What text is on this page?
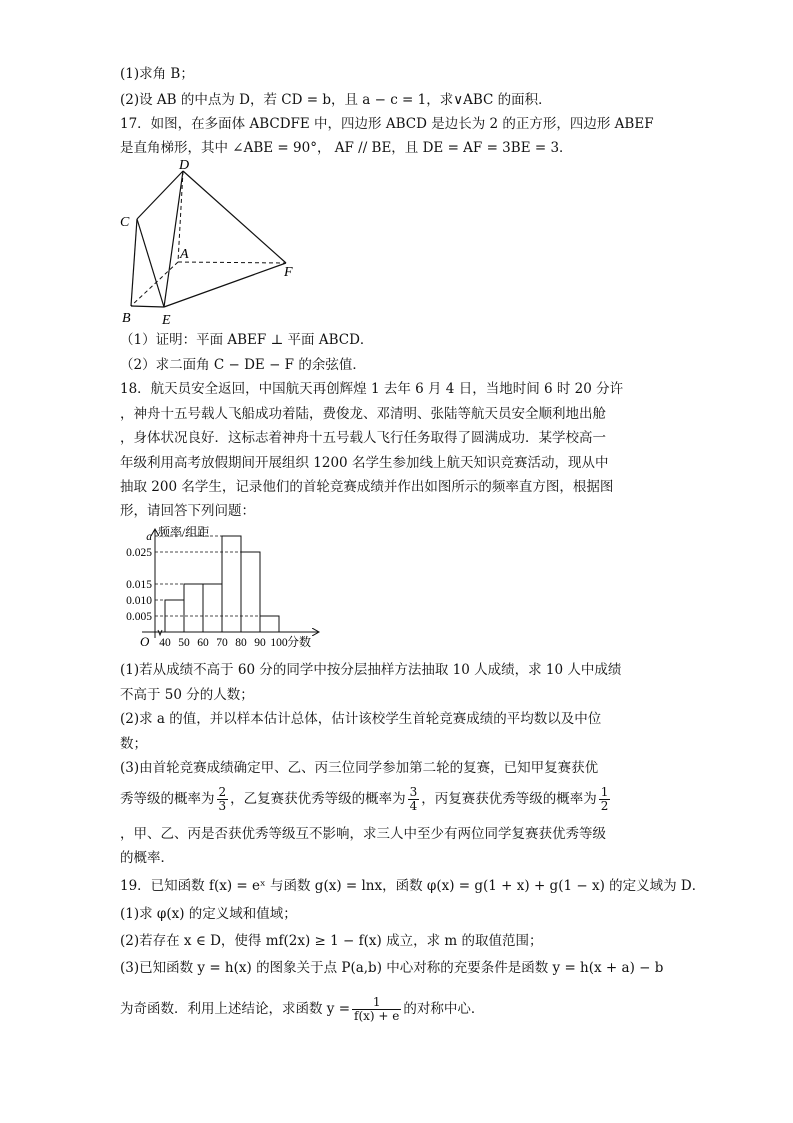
(1)求角 B；
(2)设 AB 的中点为 D，若 CD = b，且 a − c = 1，求∨ABC 的面积．
17．如图，在多面体 ABCDFE 中，四边形 ABCD 是边长为 2 的正方形，四边形 ABEF
是直角梯形，其中 ∠ABE = 90°， AF // BE，且 DE = AF = 3BE = 3．
D
C
A
F
B E
（1）证明：平面 ABEF ⊥ 平面 ABCD．
（2）求二面角 C − DE − F 的余弦值．
18．航天员安全返回，中国航天再创辉煌 1 去年 6 月 4 日，当地时间 6 时 20 分许
，神舟十五号载人飞船成功着陆，费俊龙、邓清明、张陆等航天员安全顺利地出舱
，身体状况良好．这标志着神舟十五号载人飞行任务取得了圆满成功．某学校高一
年级利用高考放假期间开展组织 1200 名学生参加线上航天知识竞赛活动，现从中
抽取 200 名学生，记录他们的首轮竞赛成绩并作出如图所示的频率直方图，根据图
形，请回答下列问题：
频率/组距
分数
O
0.005
0.010
0.015
0.025
a
40 50 60 70 80 90 100
(1)若从成绩不高于 60 分的同学中按分层抽样方法抽取 10 人成绩，求 10 人中成绩
不高于 50 分的人数；
(2)求 a 的值，并以样本估计总体，估计该校学生首轮竞赛成绩的平均数以及中位
数；
(3)由首轮竞赛成绩确定甲、乙、丙三位同学参加第二轮的复赛，已知甲复赛获优
秀等级的概率为 $\frac{2}{3}$ ，乙复赛获优秀等级的概率为 $\frac{3}{4}$ ，丙复赛获优秀等级的概率为 $\frac{1}{2}$
，甲、乙、丙是否获优秀等级互不影响，求三人中至少有两位同学复赛获优秀等级
的概率．
19．已知函数 f(x) = eˣ 与函数 g(x) = lnx，函数 φ(x) = g(1 + x) + g(1 − x) 的定义域为 D．
(1)求 φ(x) 的定义域和值域；
(2)若存在 x ∈ D，使得 mf(2x) ≥ 1 − f(x) 成立，求 m 的取值范围；
(3)已知函数 y = h(x) 的图象关于点 P(a,b) 中心对称的充要条件是函数 y = h(x + a) − b
为奇函数．利用上述结论，求函数 $y = \frac{1}{f(x) + e}$ 的对称中心．
